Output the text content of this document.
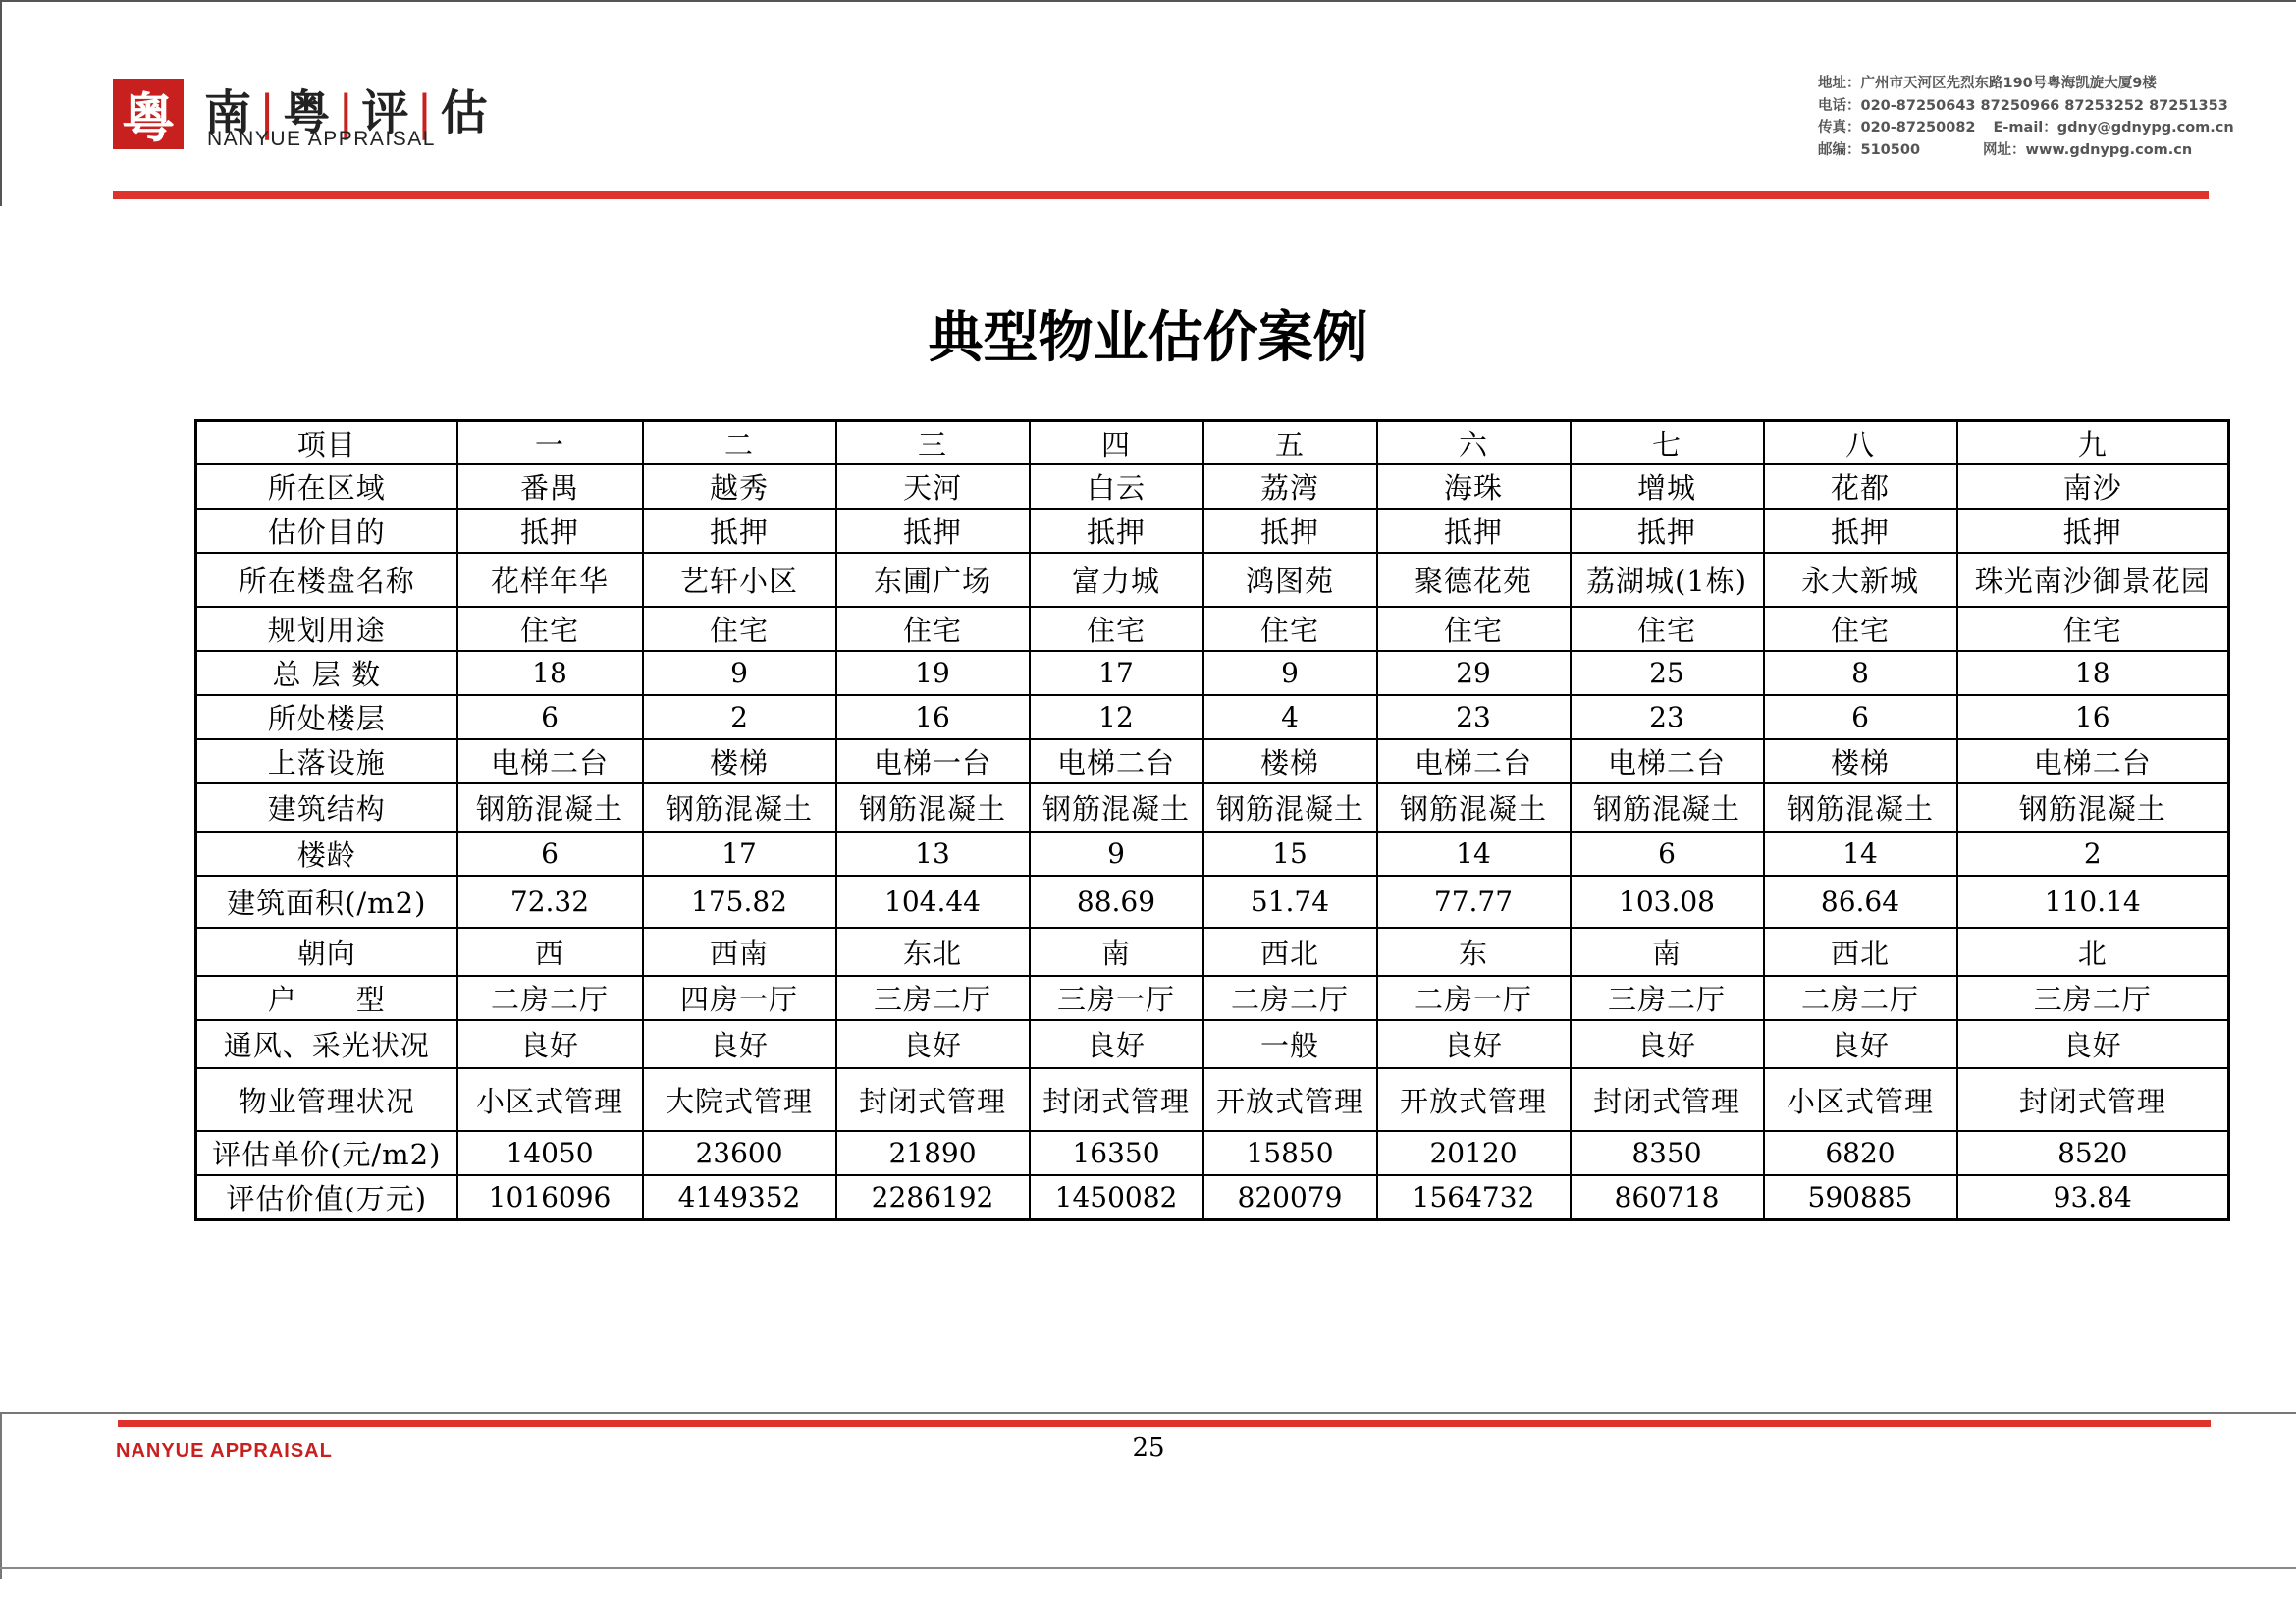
粵 南 | 粤 | 评 | 估
NANYUE APPRAISAL
地址：广州市天河区先烈东路190号粤海凯旋大厦9楼
电话：020-87250643 87250966 87253252 87251353
传真：020-87250082 E-mail：gdny@gdnypg.com.cn
邮编：510500	网址：www.gdnypg.com.cn
典型物业估价案例
项目	一	二	三	四	五	六	七	八	九
所在区域	番禺	越秀	天河	白云	荔湾	海珠	增城	花都	南沙
估价目的	抵押	抵押	抵押	抵押	抵押	抵押	抵押	抵押	抵押
所在楼盘名称	花样年华	艺轩小区	东圃广场	富力城	鸿图苑	聚德花苑	荔湖城(1栋)	永大新城	珠光南沙御景花园
规划用途	住宅	住宅	住宅	住宅	住宅	住宅	住宅	住宅	住宅
总 层 数	18	9	19	17	9	29	25	8	18
所处楼层	6	2	16	12	4	23	23	6	16
上落设施	电梯二台	楼梯	电梯一台	电梯二台	楼梯	电梯二台	电梯二台	楼梯	电梯二台
建筑结构	钢筋混凝土	钢筋混凝土	钢筋混凝土	钢筋混凝土	钢筋混凝土	钢筋混凝土	钢筋混凝土	钢筋混凝土	钢筋混凝土
楼龄	6	17	13	9	15	14	6	14	2
建筑面积(/m2)	72.32	175.82	104.44	88.69	51.74	77.77	103.08	86.64	110.14
朝向	西	西南	东北	南	西北	东	南	西北	北
户　　型	二房二厅	四房一厅	三房二厅	三房一厅	二房二厅	二房一厅	三房二厅	二房二厅	三房二厅
通风、采光状况	良好	良好	良好	良好	一般	良好	良好	良好	良好
物业管理状况	小区式管理	大院式管理	封闭式管理	封闭式管理	开放式管理	开放式管理	封闭式管理	小区式管理	封闭式管理
评估单价(元/m2)	14050	23600	21890	16350	15850	20120	8350	6820	8520
评估价值(万元)	1016096	4149352	2286192	1450082	820079	1564732	860718	590885	93.84
NANYUE APPRAISAL	25
